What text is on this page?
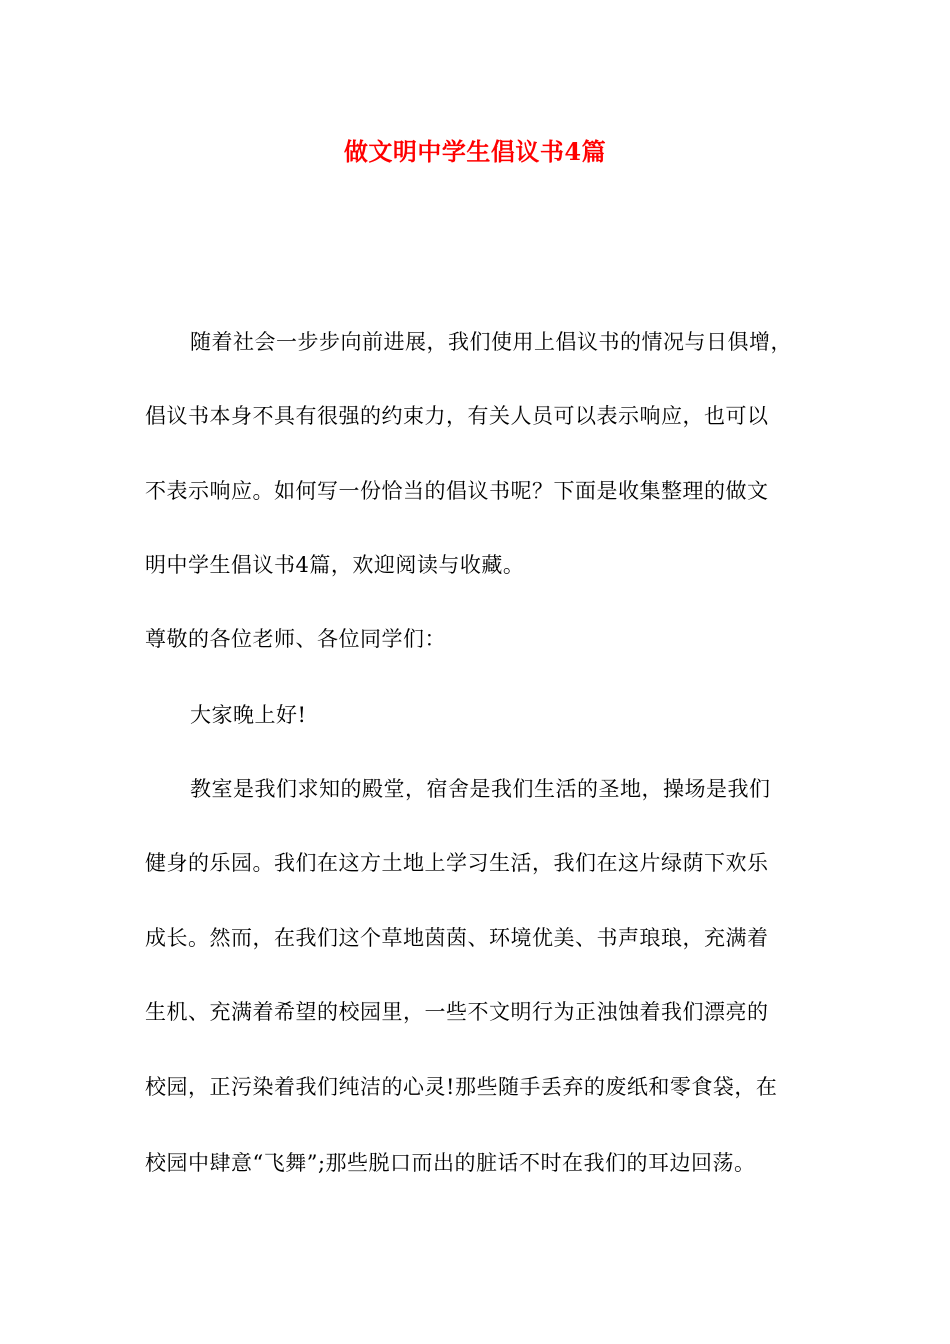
做文明中学生倡议书4篇
随着社会一步步向前进展，我们使用上倡议书的情况与日俱增，
倡议书本身不具有很强的约束力，有关人员可以表示响应，也可以
不表示响应。如何写一份恰当的倡议书呢？下面是收集整理的做文
明中学生倡议书4篇，欢迎阅读与收藏。
尊敬的各位老师、各位同学们：
大家晚上好!
教室是我们求知的殿堂，宿舍是我们生活的圣地，操场是我们
健身的乐园。我们在这方土地上学习生活，我们在这片绿荫下欢乐
成长。然而，在我们这个草地茵茵、环境优美、书声琅琅，充满着
生机、充满着希望的校园里，一些不文明行为正浊蚀着我们漂亮的
校园，正污染着我们纯洁的心灵!那些随手丢弃的废纸和零食袋，在
校园中肆意“飞舞”;那些脱口而出的脏话不时在我们的耳边回荡。
